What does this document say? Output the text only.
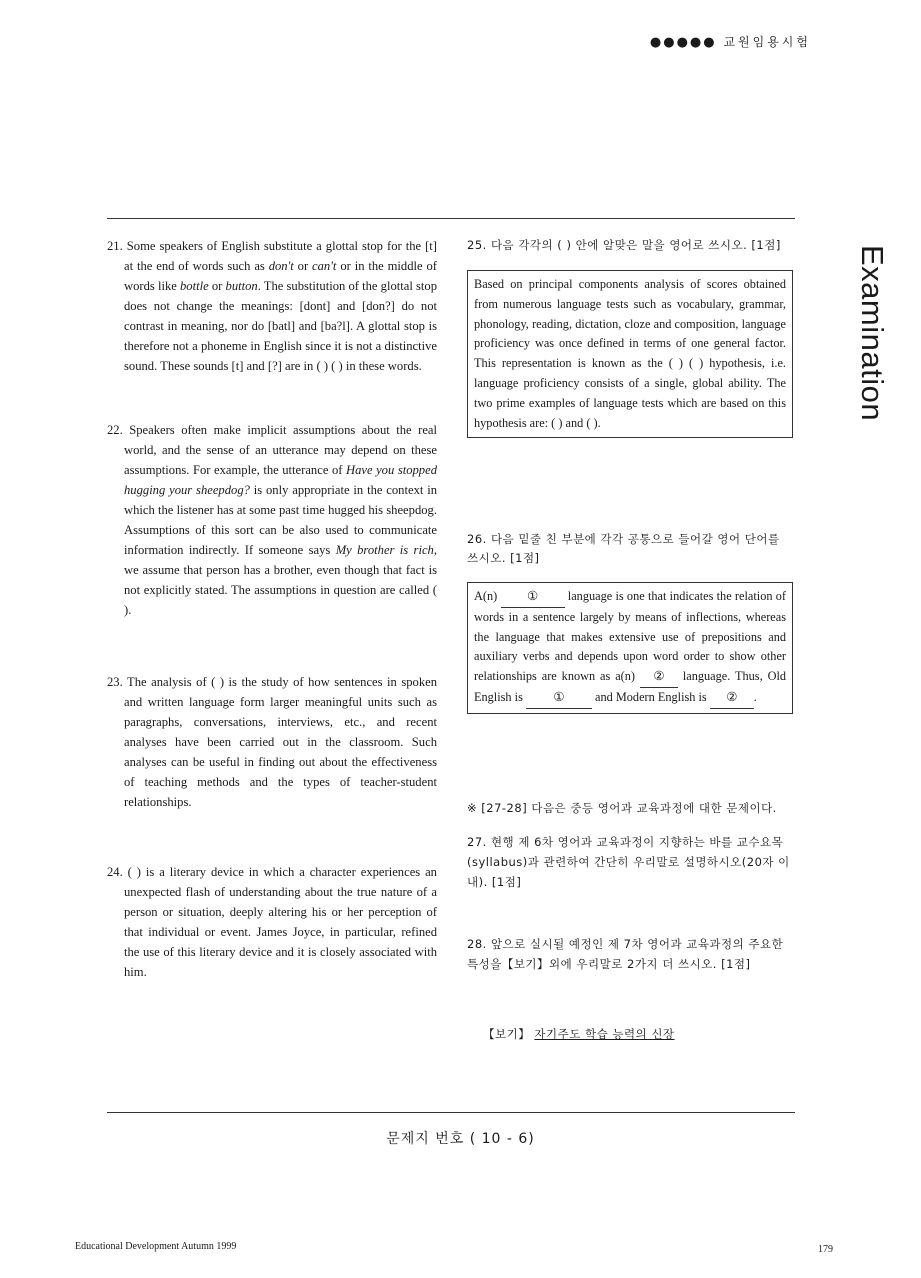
●●●●● 교원임용시험
Examination
21. Some speakers of English substitute a glottal stop for the [t] at the end of words such as don't or can't or in the middle of words like bottle or button. The substitution of the glottal stop does not change the meanings: [dont] and [don?] do not contrast in meaning, nor do [batl] and [ba?l]. A glottal stop is therefore not a phoneme in English since it is not a distinctive sound. These sounds [t] and [?] are in ( ) ( ) in these words.
22. Speakers often make implicit assumptions about the real world, and the sense of an utterance may depend on these assumptions. For example, the utterance of Have you stopped hugging your sheepdog? is only appropriate in the context in which the listener has at some past time hugged his sheepdog. Assumptions of this sort can be also used to communicate information indirectly. If someone says My brother is rich, we assume that person has a brother, even though that fact is not explicitly stated. The assumptions in question are called ( ).
23. The analysis of ( ) is the study of how sentences in spoken and written language form larger meaningful units such as paragraphs, conversations, interviews, etc., and recent analyses have been carried out in the classroom. Such analyses can be useful in finding out about the effectiveness of teaching methods and the types of teacher-student relationships.
24. ( ) is a literary device in which a character experiences an unexpected flash of understanding about the true nature of a person or situation, deeply altering his or her perception of that individual or event. James Joyce, in particular, refined the use of this literary device and it is closely associated with him.
25. 다음 각각의 ( ) 안에 알맞은 말을 영어로 쓰시오. [1점]
Based on principal components analysis of scores obtained from numerous language tests such as vocabulary, grammar, phonology, reading, dictation, cloze and composition, language proficiency was once defined in terms of one general factor. This representation is known as the ( ) ( ) hypothesis, i.e. language proficiency consists of a single, global ability. The two prime examples of language tests which are based on this hypothesis are: ( ) and ( ).
26. 다음 밑줄 친 부분에 각각 공통으로 들어갈 영어 단어를 쓰시오. [1점]
A(n) ① language is one that indicates the relation of words in a sentence largely by means of inflections, whereas the language that makes extensive use of prepositions and auxiliary verbs and depends upon word order to show other relationships are known as a(n) ② language. Thus, Old English is ① and Modern English is ② .
※ [27-28] 다음은 중등 영어과 교육과정에 대한 문제이다.
27. 현행 제 6차 영어과 교육과정이 지향하는 바를 교수요목(syllabus)과 관련하여 간단히 우리말로 설명하시오(20자 이내). [1점]
28. 앞으로 실시될 예정인 제 7차 영어과 교육과정의 주요한 특성을【보기】외에 우리말로 2가지 더 쓰시오. [1점]
【보기】 자기주도 학습 능력의 신장
문제지 번호 ( 10 - 6)
Educational Development Autumn 1999	179
